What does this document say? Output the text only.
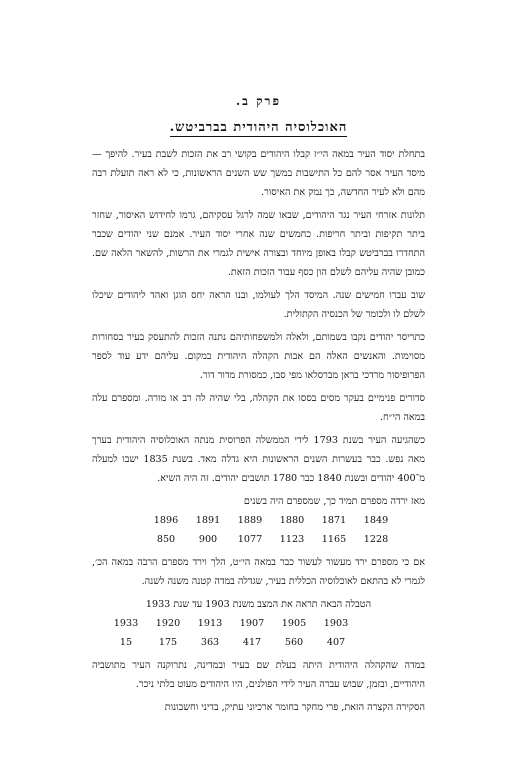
פרק ב.
האוכלוסיה היהודית בברביטש.

בתחלת יסוד העיר במאה הי״ז קבלו היהודים בקושי רב את הזכות לשבת בעיר. להיפך — מיסד העיר אסר להם כל התישבות במשך שש השנים הראשונות, כי לא ראה תועלת רבה מהם ולא לעיר החדשה, כך נמק את האיסור.

תלונות אזרחי העיר נגד היהודים, שבאו שמה לרגל עסקיהם, גרמו לחידוש האיסור, שחזר ביתר תקיפות וביתר חריפות. כחמשים שנה אחרי יסוד העיר. אמנם שני יהודים שכבר התחדרו בברביטש קבלו באופן מיוחד ובצורה אישית לגמרי את הרשות, להשאר הלאה שם. כמובן שהיה עליהם לשלם הון כסף עבור הזכות הזאת.

שוב עברו חמישים שנה. המיסד הלך לעולמו, ובנו הראה יחס הוגן ואהד ליהודים שיכלו לשלם לו ולכומר של הכנסיה הקתולית.

כתריסר יהודים נקבו בשמותם, ולאלה ולמשפחותיהם נתנה הזכות להתעסק בעיר בסחורות מסוימות. והאנשים האלה הם אבות הקהלה היהודית במקום. עליהם ידע עוד לספר הפרופיסור מרדכי בראן מברסלאו מפי סבו, כמסורת מדור דור.

סדורים פנימיים בעקר מסים בססו את הקהלה, בלי שהיה לה רב או מורה. ומספרם עלה במאה הי״ח.

כשהגיעה העיר בשנת 1793 לידי הממשלה הפרוסית מנתה האוכלוסיה היהודית בערך מאה נפש. כבר בעשרות השנים הראשונות היא גדלה מאד. בשנת 1835 ישבו למעלה מ־400 יהודים ובשנת 1840 כבר 1780 תושבים יהודים. זה היה השיא.

מאז ירדה מספרם תמיד כך, שמספרם היה בשנים

1896	1891	1889	1880	1871	1849
850	900	1077	1123	1165	1228

אם כי מספרם ירד מעשור לעשור כבר במאה הי״ט, הלך וירד מספרם הרבה במאה הכ׳, לגמרי לא בהתאם לאוכלוסיה הכללית בעיר, שגדלה במדה קטנה משנה לשנה.

הטבלה הבאה תראה את המצב משנת 1903 עד שנת 1933

1933	1920	1913	1907	1905	1903
15	175	363	417	560	407

במדה שהקהלה היהודית היתה בעלת שם בעיר ובמדינה, נתרוקנה העיר מתושביה היהודיים, ובזמן, שבוש עברה העיר לידי הפולנים, היו היהודים מעוט בלתי ניכר.

הסקירה הקצרה הזאת, פרי מחקר בחומר ארכיוני עתיק, בדיני וחשבונות
